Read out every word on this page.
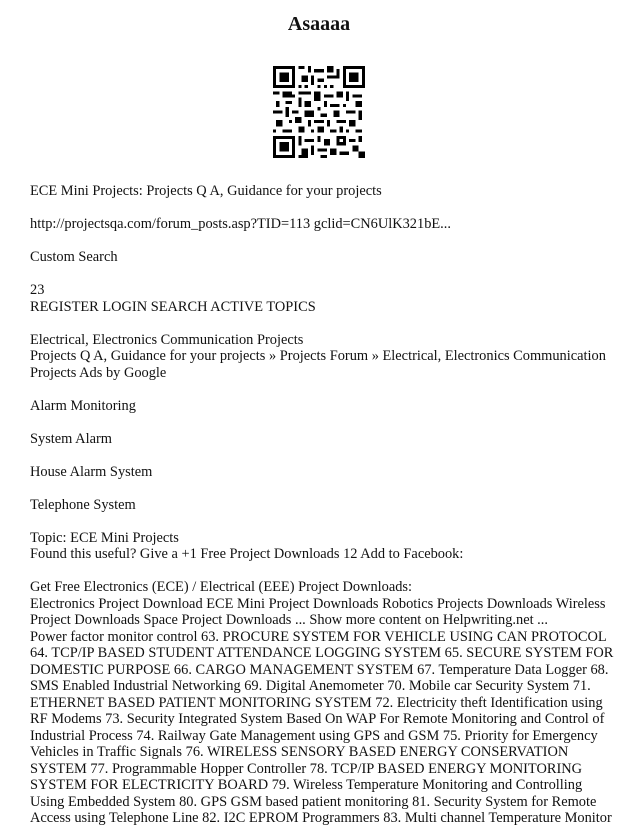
Asaaaa

ECE Mini Projects: Projects Q A, Guidance for your projects

http://projectsqa.com/forum_posts.asp?TID=113 gclid=CN6UlK321bE...

Custom Search

23

REGISTER LOGIN SEARCH ACTIVE TOPICS

Electrical, Electronics Communication Projects

Projects Q A, Guidance for your projects » Projects Forum » Electrical, Electronics Communication Projects Ads by Google

Alarm Monitoring

System Alarm

House Alarm System

Telephone System

Topic: ECE Mini Projects

Found this useful? Give a +1 Free Project Downloads 12 Add to Facebook:

Get Free Electronics (ECE) / Electrical (EEE) Project Downloads:

Electronics Project Download ECE Mini Project Downloads Robotics Projects Downloads Wireless Project Downloads Space Project Downloads ... Show more content on Helpwriting.net ...

Power factor monitor control 63. PROCURE SYSTEM FOR VEHICLE USING CAN PROTOCOL 64. TCP/IP BASED STUDENT ATTENDANCE LOGGING SYSTEM 65. SECURE SYSTEM FOR DOMESTIC PURPOSE 66. CARGO MANAGEMENT SYSTEM 67. Temperature Data Logger 68. SMS Enabled Industrial Networking 69. Digital Anemometer 70. Mobile car Security System 71. ETHERNET BASED PATIENT MONITORING SYSTEM 72. Electricity theft Identification using RF Modems 73. Security Integrated System Based On WAP For Remote Monitoring and Control of Industrial Process 74. Railway Gate Management using GPS and GSM 75. Priority for Emergency Vehicles in Traffic Signals 76. WIRELESS SENSORY BASED ENERGY CONSERVATION SYSTEM 77. Programmable Hopper Controller 78. TCP/IP BASED ENERGY MONITORING SYSTEM FOR ELECTRICITY BOARD 79. Wireless Temperature Monitoring and Controlling Using Embedded System 80. GPS GSM based patient monitoring 81. Security System for Remote Access using Telephone Line 82. I2C EPROM Programmers 83. Multi channel Temperature Monitor
